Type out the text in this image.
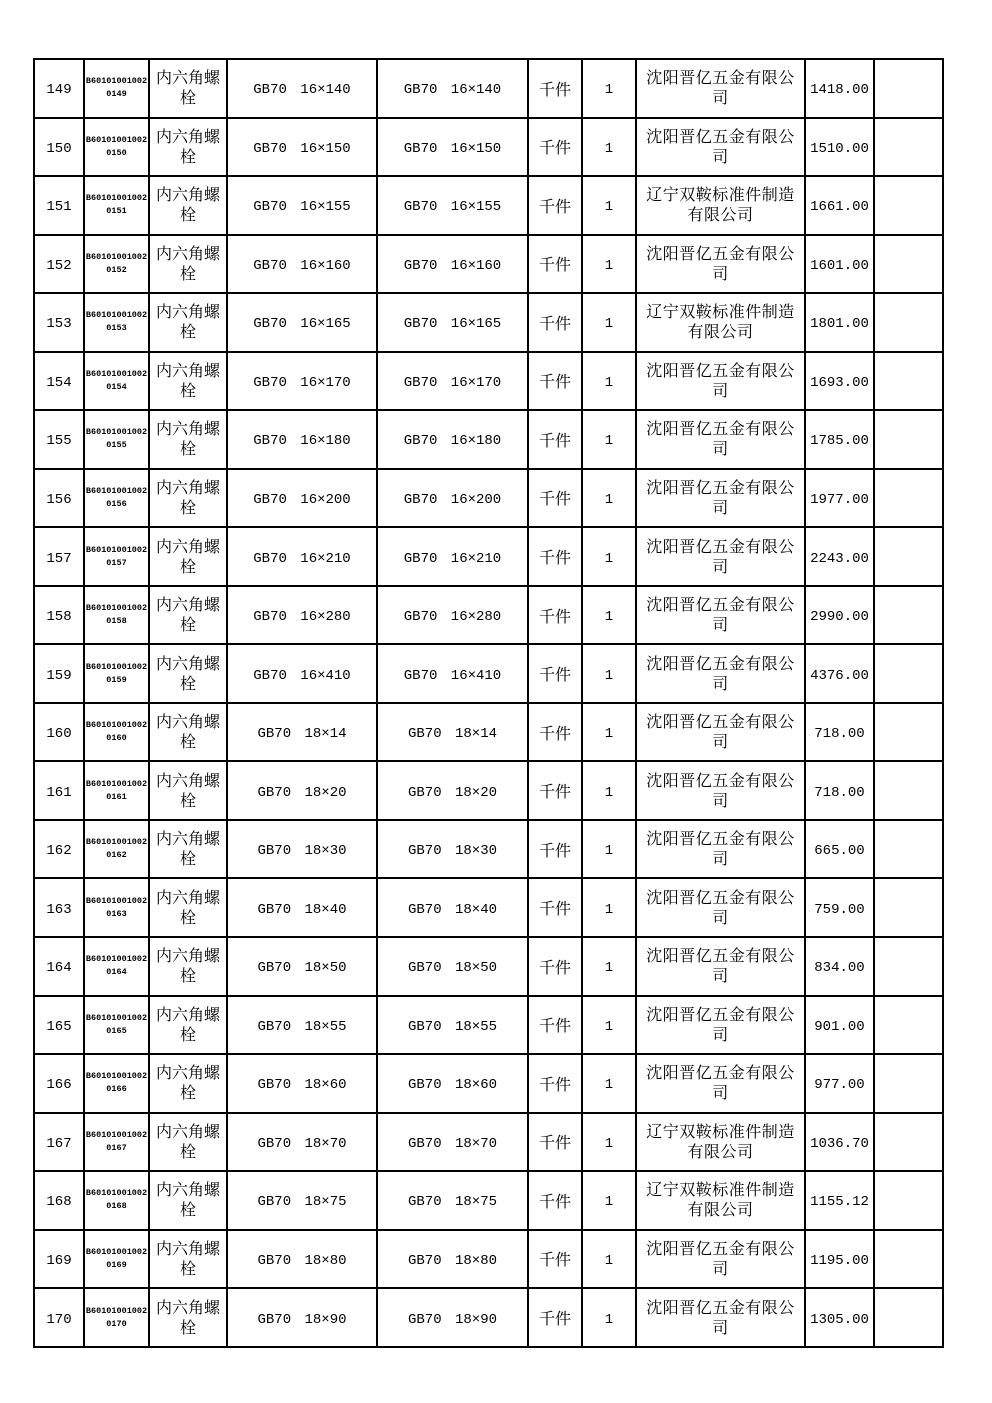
149	B601010010020149	内六角螺栓	GB70 16×140	GB70 16×140	千件	1	沈阳晋亿五金有限公司	1418.00	
150	B601010010020150	内六角螺栓	GB70 16×150	GB70 16×150	千件	1	沈阳晋亿五金有限公司	1510.00	
151	B601010010020151	内六角螺栓	GB70 16×155	GB70 16×155	千件	1	辽宁双鞍标准件制造有限公司	1661.00	
152	B601010010020152	内六角螺栓	GB70 16×160	GB70 16×160	千件	1	沈阳晋亿五金有限公司	1601.00	
153	B601010010020153	内六角螺栓	GB70 16×165	GB70 16×165	千件	1	辽宁双鞍标准件制造有限公司	1801.00	
154	B601010010020154	内六角螺栓	GB70 16×170	GB70 16×170	千件	1	沈阳晋亿五金有限公司	1693.00	
155	B601010010020155	内六角螺栓	GB70 16×180	GB70 16×180	千件	1	沈阳晋亿五金有限公司	1785.00	
156	B601010010020156	内六角螺栓	GB70 16×200	GB70 16×200	千件	1	沈阳晋亿五金有限公司	1977.00	
157	B601010010020157	内六角螺栓	GB70 16×210	GB70 16×210	千件	1	沈阳晋亿五金有限公司	2243.00	
158	B601010010020158	内六角螺栓	GB70 16×280	GB70 16×280	千件	1	沈阳晋亿五金有限公司	2990.00	
159	B601010010020159	内六角螺栓	GB70 16×410	GB70 16×410	千件	1	沈阳晋亿五金有限公司	4376.00	
160	B601010010020160	内六角螺栓	GB70 18×14	GB70 18×14	千件	1	沈阳晋亿五金有限公司	718.00	
161	B601010010020161	内六角螺栓	GB70 18×20	GB70 18×20	千件	1	沈阳晋亿五金有限公司	718.00	
162	B601010010020162	内六角螺栓	GB70 18×30	GB70 18×30	千件	1	沈阳晋亿五金有限公司	665.00	
163	B601010010020163	内六角螺栓	GB70 18×40	GB70 18×40	千件	1	沈阳晋亿五金有限公司	759.00	
164	B601010010020164	内六角螺栓	GB70 18×50	GB70 18×50	千件	1	沈阳晋亿五金有限公司	834.00	
165	B601010010020165	内六角螺栓	GB70 18×55	GB70 18×55	千件	1	沈阳晋亿五金有限公司	901.00	
166	B601010010020166	内六角螺栓	GB70 18×60	GB70 18×60	千件	1	沈阳晋亿五金有限公司	977.00	
167	B601010010020167	内六角螺栓	GB70 18×70	GB70 18×70	千件	1	辽宁双鞍标准件制造有限公司	1036.70	
168	B601010010020168	内六角螺栓	GB70 18×75	GB70 18×75	千件	1	辽宁双鞍标准件制造有限公司	1155.12	
169	B601010010020169	内六角螺栓	GB70 18×80	GB70 18×80	千件	1	沈阳晋亿五金有限公司	1195.00	
170	B601010010020170	内六角螺栓	GB70 18×90	GB70 18×90	千件	1	沈阳晋亿五金有限公司	1305.00	
